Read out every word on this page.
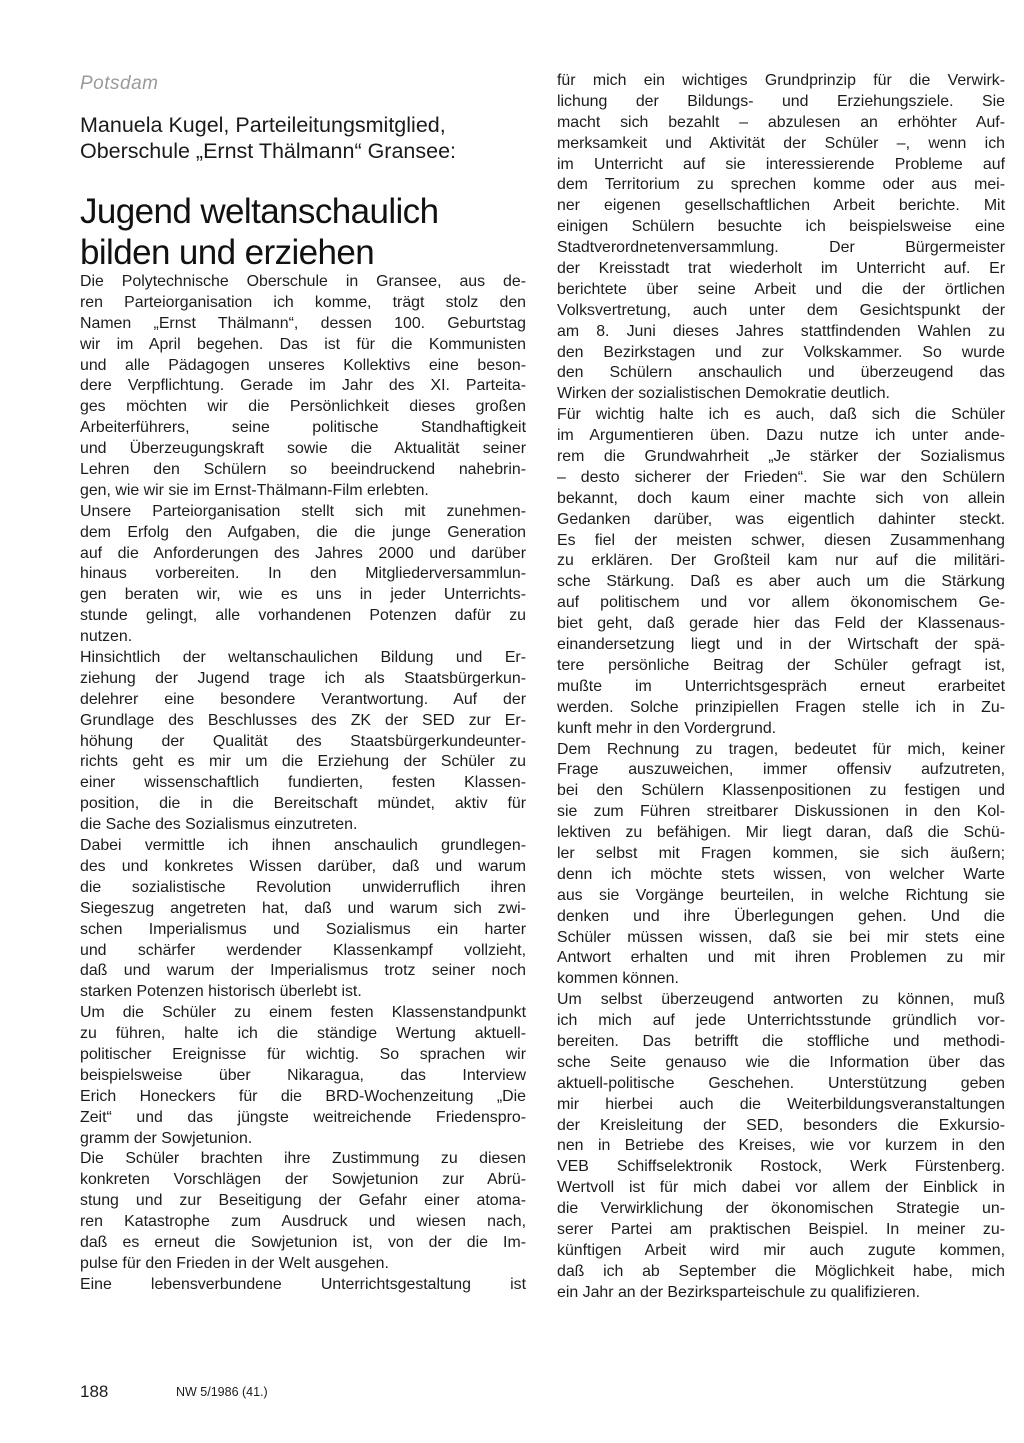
Potsdam
Manuela Kugel, Parteileitungsmitglied,
Oberschule „Ernst Thälmann“ Gransee:
Jugend weltanschaulich
bilden und erziehen
Die Polytechnische Oberschule in Gransee, aus de-
ren Parteiorganisation ich komme, trägt stolz den
Namen „Ernst Thälmann“, dessen 100. Geburtstag
wir im April begehen. Das ist für die Kommunisten
und alle Pädagogen unseres Kollektivs eine beson-
dere Verpflichtung. Gerade im Jahr des XI. Parteita-
ges möchten wir die Persönlichkeit dieses großen
Arbeiterführers, seine politische Standhaftigkeit
und Überzeugungskraft sowie die Aktualität seiner
Lehren den Schülern so beeindruckend nahebrin-
gen, wie wir sie im Ernst-Thälmann-Film erlebten.
Unsere Parteiorganisation stellt sich mit zunehmen-
dem Erfolg den Aufgaben, die die junge Generation
auf die Anforderungen des Jahres 2000 und darüber
hinaus vorbereiten. In den Mitgliederversammlun-
gen beraten wir, wie es uns in jeder Unterrichts-
stunde gelingt, alle vorhandenen Potenzen dafür zu
nutzen.
Hinsichtlich der weltanschaulichen Bildung und Er-
ziehung der Jugend trage ich als Staatsbürgerkun-
delehrer eine besondere Verantwortung. Auf der
Grundlage des Beschlusses des ZK der SED zur Er-
höhung der Qualität des Staatsbürgerkundeunter-
richts geht es mir um die Erziehung der Schüler zu
einer wissenschaftlich fundierten, festen Klassen-
position, die in die Bereitschaft mündet, aktiv für
die Sache des Sozialismus einzutreten.
Dabei vermittle ich ihnen anschaulich grundlegen-
des und konkretes Wissen darüber, daß und warum
die sozialistische Revolution unwiderruflich ihren
Siegeszug angetreten hat, daß und warum sich zwi-
schen Imperialismus und Sozialismus ein harter
und schärfer werdender Klassenkampf vollzieht,
daß und warum der Imperialismus trotz seiner noch
starken Potenzen historisch überlebt ist.
Um die Schüler zu einem festen Klassenstandpunkt
zu führen, halte ich die ständige Wertung aktuell-
politischer Ereignisse für wichtig. So sprachen wir
beispielsweise über Nikaragua, das Interview
Erich Honeckers für die BRD-Wochenzeitung „Die
Zeit“ und das jüngste weitreichende Friedenspro-
gramm der Sowjetunion.
Die Schüler brachten ihre Zustimmung zu diesen
konkreten Vorschlägen der Sowjetunion zur Abrü-
stung und zur Beseitigung der Gefahr einer atoma-
ren Katastrophe zum Ausdruck und wiesen nach,
daß es erneut die Sowjetunion ist, von der die Im-
pulse für den Frieden in der Welt ausgehen.
Eine lebensverbundene Unterrichtsgestaltung ist
für mich ein wichtiges Grundprinzip für die Verwirk-
lichung der Bildungs- und Erziehungsziele. Sie
macht sich bezahlt – abzulesen an erhöhter Auf-
merksamkeit und Aktivität der Schüler –, wenn ich
im Unterricht auf sie interessierende Probleme auf
dem Territorium zu sprechen komme oder aus mei-
ner eigenen gesellschaftlichen Arbeit berichte. Mit
einigen Schülern besuchte ich beispielsweise eine
Stadtverordnetenversammlung. Der Bürgermeister
der Kreisstadt trat wiederholt im Unterricht auf. Er
berichtete über seine Arbeit und die der örtlichen
Volksvertretung, auch unter dem Gesichtspunkt der
am 8. Juni dieses Jahres stattfindenden Wahlen zu
den Bezirkstagen und zur Volkskammer. So wurde
den Schülern anschaulich und überzeugend das
Wirken der sozialistischen Demokratie deutlich.
Für wichtig halte ich es auch, daß sich die Schüler
im Argumentieren üben. Dazu nutze ich unter ande-
rem die Grundwahrheit „Je stärker der Sozialismus
– desto sicherer der Frieden“. Sie war den Schülern
bekannt, doch kaum einer machte sich von allein
Gedanken darüber, was eigentlich dahinter steckt.
Es fiel der meisten schwer, diesen Zusammenhang
zu erklären. Der Großteil kam nur auf die militäri-
sche Stärkung. Daß es aber auch um die Stärkung
auf politischem und vor allem ökonomischem Ge-
biet geht, daß gerade hier das Feld der Klassenaus-
einandersetzung liegt und in der Wirtschaft der spä-
tere persönliche Beitrag der Schüler gefragt ist,
mußte im Unterrichtsgespräch erneut erarbeitet
werden. Solche prinzipiellen Fragen stelle ich in Zu-
kunft mehr in den Vordergrund.
Dem Rechnung zu tragen, bedeutet für mich, keiner
Frage auszuweichen, immer offensiv aufzutreten,
bei den Schülern Klassenpositionen zu festigen und
sie zum Führen streitbarer Diskussionen in den Kol-
lektiven zu befähigen. Mir liegt daran, daß die Schü-
ler selbst mit Fragen kommen, sie sich äußern;
denn ich möchte stets wissen, von welcher Warte
aus sie Vorgänge beurteilen, in welche Richtung sie
denken und ihre Überlegungen gehen. Und die
Schüler müssen wissen, daß sie bei mir stets eine
Antwort erhalten und mit ihren Problemen zu mir
kommen können.
Um selbst überzeugend antworten zu können, muß
ich mich auf jede Unterrichtsstunde gründlich vor-
bereiten. Das betrifft die stoffliche und methodi-
sche Seite genauso wie die Information über das
aktuell-politische Geschehen. Unterstützung geben
mir hierbei auch die Weiterbildungsveranstaltungen
der Kreisleitung der SED, besonders die Exkursio-
nen in Betriebe des Kreises, wie vor kurzem in den
VEB Schiffselektronik Rostock, Werk Fürstenberg.
Wertvoll ist für mich dabei vor allem der Einblick in
die Verwirklichung der ökonomischen Strategie un-
serer Partei am praktischen Beispiel. In meiner zu-
künftigen Arbeit wird mir auch zugute kommen,
daß ich ab September die Möglichkeit habe, mich
ein Jahr an der Bezirksparteischule zu qualifizieren.
188	NW 5/1986 (41.)
